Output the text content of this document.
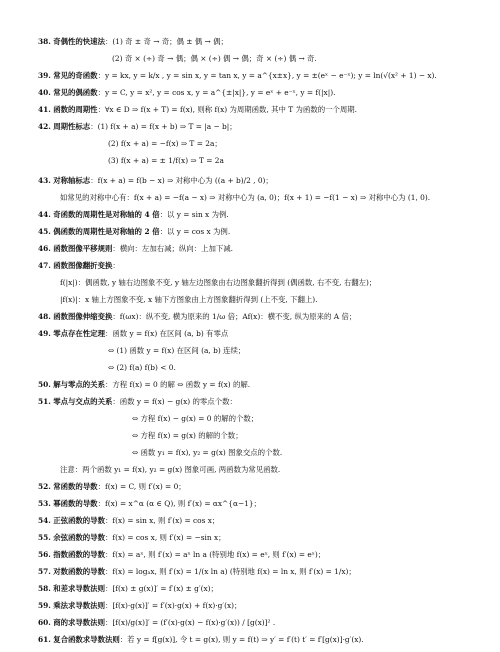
38. 奇偶性的快速法：(1) 奇 ± 奇 → 奇；偶 ± 偶 → 偶；
(2) 奇 × (÷) 奇 → 偶；偶 × (÷) 偶 → 偶；奇 × (÷) 偶 → 奇.
39. 常见的奇函数：y = kx, y = k/x , y = sin x, y = tan x, y = a^{x±x}, y = ±(eˣ − e⁻ˣ); y = ln(√(x² + 1) − x).
40. 常见的偶函数：y = C, y = x², y = cos x, y = a^{±|x|}, y = eˣ + e⁻ˣ, y = f(|x|).
41. 函数的周期性：∀x ∈ D ⇒ f(x + T) = f(x), 则称 f(x) 为周期函数, 其中 T 为函数的一个周期.
42. 周期性标志：(1) f(x + a) = f(x + b) ⇒ T = |a − b|；
(2) f(x + a) = −f(x) ⇒ T = 2a；
(3) f(x + a) = ± 1/f(x) ⇒ T = 2a
43. 对称轴标志：f(x + a) = f(b − x) ⇒ 对称中心为 ((a + b)/2 , 0)；
如常见的对称中心有：f(x + a) = −f(a − x) ⇒ 对称中心为 (a, 0)；f(x + 1) = −f(1 − x) ⇒ 对称中心为 (1, 0).
44. 奇函数的周期性是对称轴的 4 倍：以 y = sin x 为例.
45. 偶函数的周期性是对称轴的 2 倍：以 y = cos x 为例.
46. 函数图像平移规则：横向：左加右减；纵向：上加下减.
47. 函数图像翻折变换：
f(|x|)：偶函数, y 轴右边图象不变, y 轴左边图象由右边图象翻折得到 (偶函数, 右不变, 右翻左)；
|f(x)|：x 轴上方图象不变, x 轴下方图象由上方图象翻折得到 (上不变, 下翻上).
48. 函数图像伸缩变换：f(ωx)：纵不变, 横为原来的 1/ω 倍；Af(x)：横不变, 纵为原来的 A 倍；
49. 零点存在性定理：函数 y = f(x) 在区间 (a, b) 有零点
⇔ (1) 函数 y = f(x) 在区间 (a, b) 连续；
⇔ (2) f(a) f(b) < 0.
50. 解与零点的关系：方程 f(x) = 0 的解 ⇔ 函数 y = f(x) 的解.
51. 零点与交点的关系：函数 y = f(x) − g(x) 的零点个数：
⇔ 方程 f(x) − g(x) = 0 的解的个数；
⇔ 方程 f(x) = g(x) 的解的个数；
⇔ 函数 y₁ = f(x), y₂ = g(x) 图象交点的个数.
注意：两个函数 y₁ = f(x), y₂ = g(x) 图象可画, 两函数为常见函数.
52. 常函数的导数：f(x) = C, 则 f′(x) = 0；
53. 幂函数的导数：f(x) = x^α (α ∈ Q), 则 f′(x) = αx^{α−1}；
54. 正弦函数的导数：f(x) = sin x, 则 f′(x) = cos x；
55. 余弦函数的导数：f(x) = cos x, 则 f′(x) = −sin x；
56. 指数函数的导数：f(x) = aˣ, 则 f′(x) = aˣ ln a (特别地 f(x) = eˣ, 则 f′(x) = eˣ)；
57. 对数函数的导数：f(x) = logₐx, 则 f′(x) = 1/(x ln a) (特别地 f(x) = ln x, 则 f′(x) = 1/x)；
58. 和差求导数法则：[f(x) ± g(x)]′ = f′(x) ± g′(x)；
59. 乘法求导数法则：[f(x)·g(x)]′ = f′(x)·g(x) + f(x)·g′(x)；
60. 商的求导数法则：[f(x)/g(x)]′ = (f′(x)·g(x) − f(x)·g′(x)) / [g(x)]² .
61. 复合函数求导数法则：若 y = f[g(x)], 令 t = g(x), 则 y = f(t) ⇒ y′ = f′(t) t′ = f′[g(x)]·g′(x).
